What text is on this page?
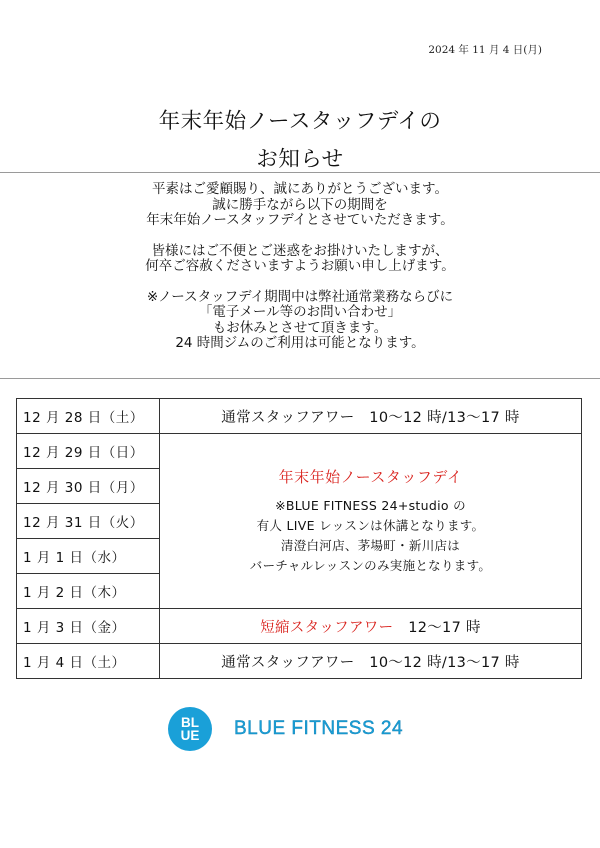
2024 年 11 月 4 日(月)
年末年始ノースタッフデイの
お知らせ

平素はご愛顧賜り、誠にありがとうございます。

誠に勝手ながら以下の期間を

年末年始ノースタッフデイとさせていただきます。

皆様にはご不便とご迷惑をお掛けいたしますが、

何卒ご容赦くださいますようお願い申し上げます。

※ノースタッフデイ期間中は弊社通常業務ならびに

「電子メール等のお問い合わせ」

もお休みとさせて頂きます。

24 時間ジムのご利用は可能となります。

12 月 28 日（土）	通常スタッフアワー　10～12 時/13～17 時
12 月 29 日（日）	年末年始ノースタッフデイ
※BLUE FITNESS 24+studio の
有人 LIVE レッスンは休講となります。
清澄白河店、茅場町・新川店は
バーチャルレッスンのみ実施となります。

12 月 30 日（月）	
12 月 31 日（火）	
1 月 1 日（水）	
1 月 2 日（木）	
1 月 3 日（金）	短縮スタッフアワー　12～17 時
1 月 4 日（土）	通常スタッフアワー　10～12 時/13～17 時
BL
UE BLUE FITNESS 24
